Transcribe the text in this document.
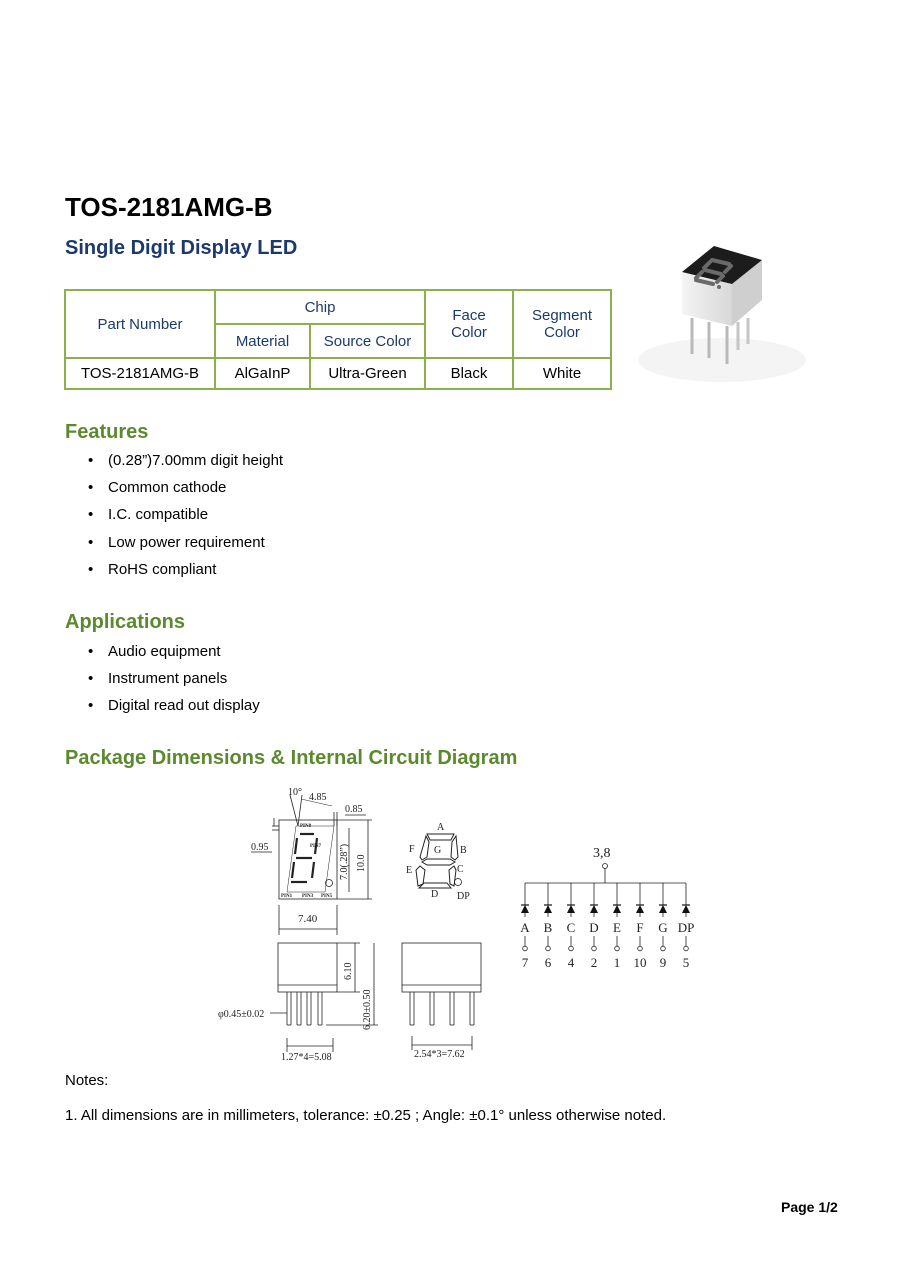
TOS-2181AMG-B
Single Digit Display LED
Part Number	Chip		Face Color	Segment Color
	Material	Source Color		
TOS-2181AMG-B	AlGaInP	Ultra-Green	Black	White
Features
• (0.28”)7.00mm digit height
• Common cathode
• I.C. compatible
• Low power requirement
• RoHS compliant
Applications
• Audio equipment
• Instrument panels
• Digital read out display
Package Dimensions & Internal Circuit Diagram
10° 4.85
0.85
0.95
7.40
7.0(.28”) 10.0
6.10
6.20±0.50
φ0.45±0.02
1.27*4=5.08	2.54*3=7.62
PIN8
PIN7
PIN1 PIN3 PIN5
A
F G B
E	C
D DP
3,8
A
7
B
6
C
4
D
2
E
1
F
10
G
9
DP
5
Notes:
1. All dimensions are in millimeters, tolerance: ±0.25 ; Angle: ±0.1° unless otherwise noted.
Page 1/2
